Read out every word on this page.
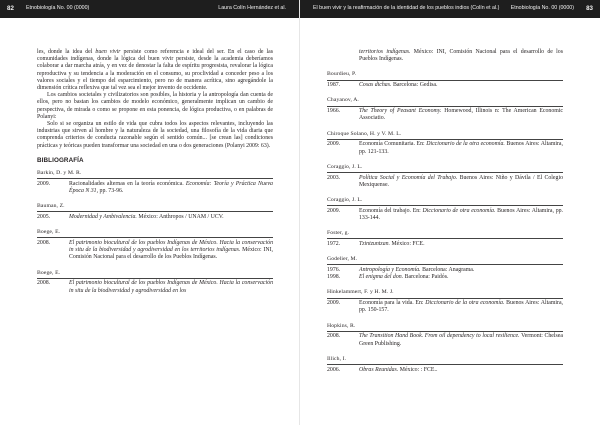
82 Etnobiología No. 00 (0000)	Laura Colín Hernández et al.

les, donde la idea del buen vivir persiste como referencia e ideal del ser. En el caso de las comunidades indígenas, donde la lógica del buen vivir persiste, desde la academia deberíamos colaborar a dar marcha atrás, y en vez de denostar la falta de espíritu progresista, revalorar la lógica reproductiva y su tendencia a la moderación en el consumo, su proclividad a conceder peso a los valores sociales y el tiempo del esparcimiento, pero no de manera acrítica, sino agregándole la dimensión crítica reflexiva que tal vez sea el mejor invento de occidente.

Los cambios societales y civilizatorios son posibles, la historia y la antropología dan cuenta de ellos, pero no bastan los cambios de modelo económico, generalmente implican un cambio de perspectiva, de mirada o como se propone en esta ponencia, de lógica productiva, o en palabras de Polanyi:

Solo si se organiza un estilo de vida que cubra todos los aspectos relevantes, incluyendo las industrias que sirven al hombre y la naturaleza de la sociedad, una filosofía de la vida diaria que comprenda criterios de conducta razonable según el sentido común... [se crean las] condiciones prácticas y teóricas pueden transformar una sociedad en una o dos generaciones (Polanyi 2009: 63).

BIBLIOGRAFÍA
Barkin, D. y M. R.
2009.	Racionalidades alternas en la teoría económica. Economía: Teoría y Práctica Nueva Época N 31, pp. 73-96.
Bauman, Z.
2005.	Modernidad y Ambivalencia. México: Anthropos / UNAM / UCV.
Boege, E.
2008.	El patrimonio biocultural de los pueblos Indígenas de México. Hacia la conservación in situ de la biodiversidad y agrodiversidad en los territorios indígenas. México: INI, Comisión Nacional para el desarrollo de los Pueblos Indígenas.
Boege, E.
2008.	El patrimonio biocultural de los pueblos Indígenas de México. Hacia la conservación in situ de la biodiversidad y agrodiversidad en los
El buen vivir y la reafirmación de la identidad de los pueblos indios (Colín et al.) Etnobiología No. 00 (0000) 83
territorios indígenas. México: INI, Comisión Nacional para el desarrollo de los Pueblos Indígenas.
Bourdieu, P.
1987.	Cosas dichas. Barcelona: Gedisa.
Chayanov, A.
1966.	The Theory of Peasant Economy. Homewood, Illinois n: The American Economic Associatio.
Chiroque Solano, H. y V. M. L.
2009.	Economía Comunitaria. En: Diccionario de la otra economía. Buenos Aires: Altamira, pp. 121-133.
Coraggio, J. L.
2003.	Política Social y Economía del Trabajo. Buenos Aires: Niño y Dávila / El Colegio Mexiquense.
Coraggio, J. L.
2009.	Economía del trabajo. En: Diccionario de otra economía. Buenos Aires: Altamira, pp. 133-144.
Foster, g.
1972.	Tzintzuntzan. México: FCE.
Godelier, M.
1976.	Antropología y Economía. Barcelona: Anagrama.
1998.	El enigma del don. Barcelona: Paidós.
Hinkelammert, F. y H. M. J.
2009.	Economía para la vida. En: Diccionario de la otra economía. Buenos Aires: Altamira, pp. 150-157.
Hopkins, R.
2008.	The Transition Hand Book. From oil dependency to local resilience. Vermont: Chelsea Green Publishing.
Illich, I.
2006.	Obras Reunidas. México: : FCE..
